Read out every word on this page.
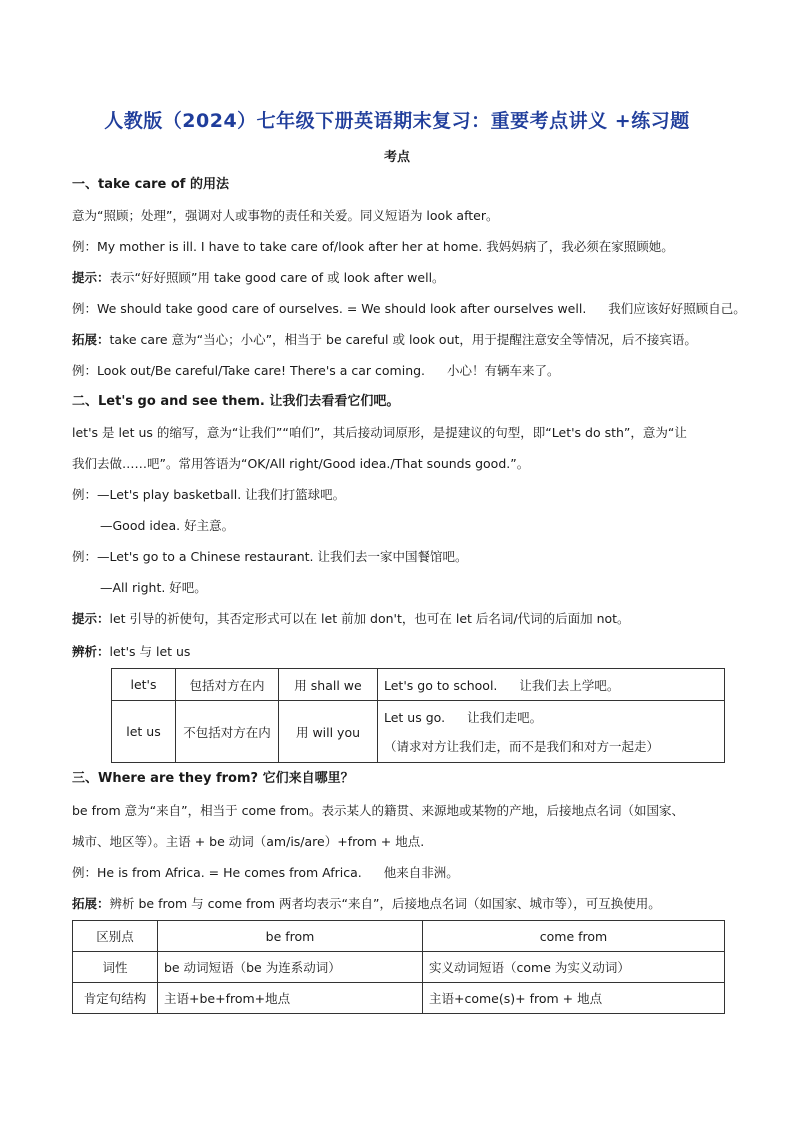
人教版（2024）七年级下册英语期末复习：重要考点讲义 +练习题
考点
一、take care of 的用法
意为“照顾；处理”，强调对人或事物的责任和关爱。同义短语为 look after。
例：My mother is ill. I have to take care of/look after her at home. 我妈妈病了，我必须在家照顾她。
提示：表示“好好照顾”用 take good care of 或 look after well。
例：We should take good care of ourselves. = We should look after ourselves well. 我们应该好好照顾自己。
拓展：take care 意为“当心；小心”，相当于 be careful 或 look out，用于提醒注意安全等情况，后不接宾语。
例：Look out/Be careful/Take care! There's a car coming. 小心！有辆车来了。
二、Let's go and see them. 让我们去看看它们吧。
let's 是 let us 的缩写，意为“让我们”“咱们”，其后接动词原形，是提建议的句型，即“Let's do sth”，意为“让
我们去做……吧”。常用答语为“OK/All right/Good idea./That sounds good.”。
例：—Let's play basketball. 让我们打篮球吧。
—Good idea. 好主意。
例：—Let's go to a Chinese restaurant. 让我们去一家中国餐馆吧。
—All right. 好吧。
提示：let 引导的祈使句，其否定形式可以在 let 前加 don't，也可在 let 后名词/代词的后面加 not。
辨析：let's 与 let us
let's	包括对方在内	用 shall we	Let's go to school. 让我们去上学吧。
let us	不包括对方在内	用 will you	Let us go. 让我们走吧。
（请求对方让我们走，而不是我们和对方一起走）
三、Where are they from? 它们来自哪里？
be from 意为“来自”，相当于 come from。表示某人的籍贯、来源地或某物的产地，后接地点名词（如国家、
城市、地区等）。主语 + be 动词（am/is/are）+from + 地点.
例：He is from Africa. = He comes from Africa. 他来自非洲。
拓展：辨析 be from 与 come from 两者均表示“来自”，后接地点名词（如国家、城市等），可互换使用。
区别点	be from	come from
词性	be 动词短语（be 为连系动词）	实义动词短语（come 为实义动词）
肯定句结构	主语+be+from+地点	主语+come(s)+ from + 地点
